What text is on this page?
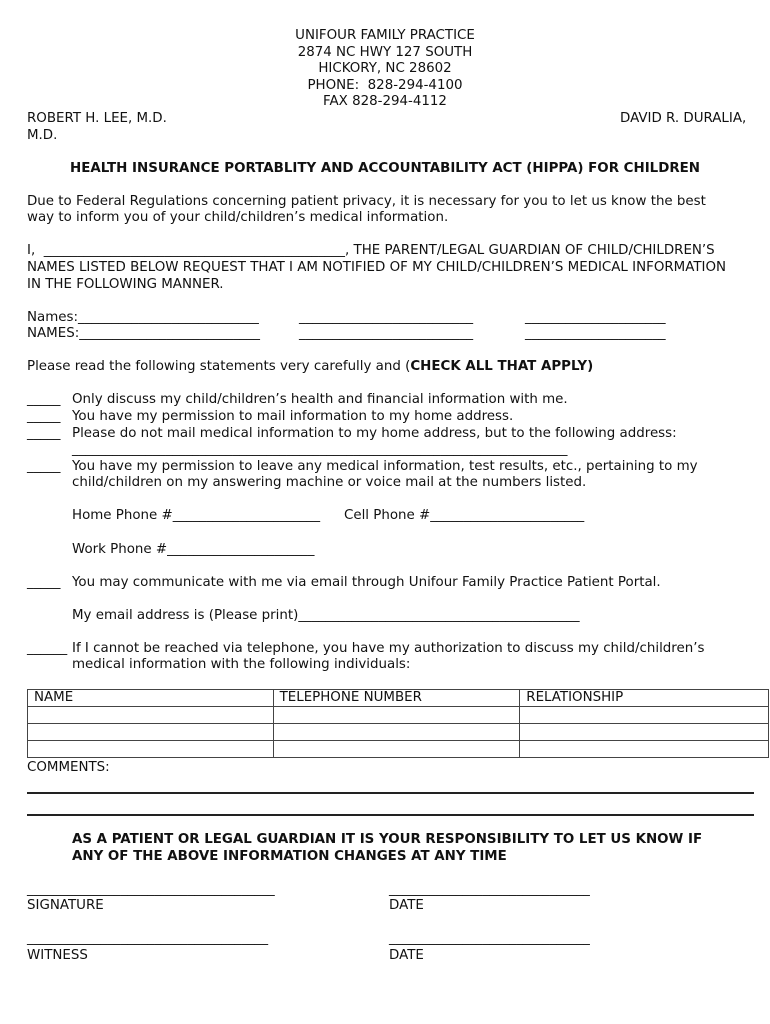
UNIFOUR FAMILY PRACTICE
2874 NC HWY 127 SOUTH
HICKORY, NC 28602
PHONE:  828-294-4100
FAX 828-294-4112
ROBERT H. LEE, M.D.	DAVID R. DURALIA,
M.D.
HEALTH INSURANCE PORTABLITY AND ACCOUNTABILITY ACT (HIPPA) FOR CHILDREN
Due to Federal Regulations concerning patient privacy, it is necessary for you to let us know the best
way to inform you of your child/children’s medical information.
I,  _____________________________________________, THE PARENT/LEGAL GUARDIAN OF CHILD/CHILDREN’S
NAMES LISTED BELOW REQUEST THAT I AM NOTIFIED OF MY CHILD/CHILDREN’S MEDICAL INFORMATION
IN THE FOLLOWING MANNER.
Names:___________________________	__________________________	_____________________
NAMES:___________________________	__________________________	_____________________
Please read the following statements very carefully and (CHECK ALL THAT APPLY)
_____ Only discuss my child/children’s health and financial information with me.
_____ You have my permission to mail information to my home address.
_____ Please do not mail medical information to my home address, but to the following address:
__________________________________________________________________________
_____ You have my permission to leave any medical information, test results, etc., pertaining to my
child/children on my answering machine or voice mail at the numbers listed.
Home Phone #______________________ Cell Phone #_______________________
Work Phone #______________________
_____ You may communicate with me via email through Unifour Family Practice Patient Portal.
My email address is (Please print)__________________________________________
______ If I cannot be reached via telephone, you have my authorization to discuss my child/children’s
medical information with the following individuals:
NAME	TELEPHONE NUMBER	RELATIONSHIP

COMMENTS:
AS A PATIENT OR LEGAL GUARDIAN IT IS YOUR RESPONSIBILITY TO LET US KNOW IF
ANY OF THE ABOVE INFORMATION CHANGES AT ANY TIME
_____________________________________	______________________________
SIGNATURE	DATE
____________________________________	______________________________
WITNESS	DATE
